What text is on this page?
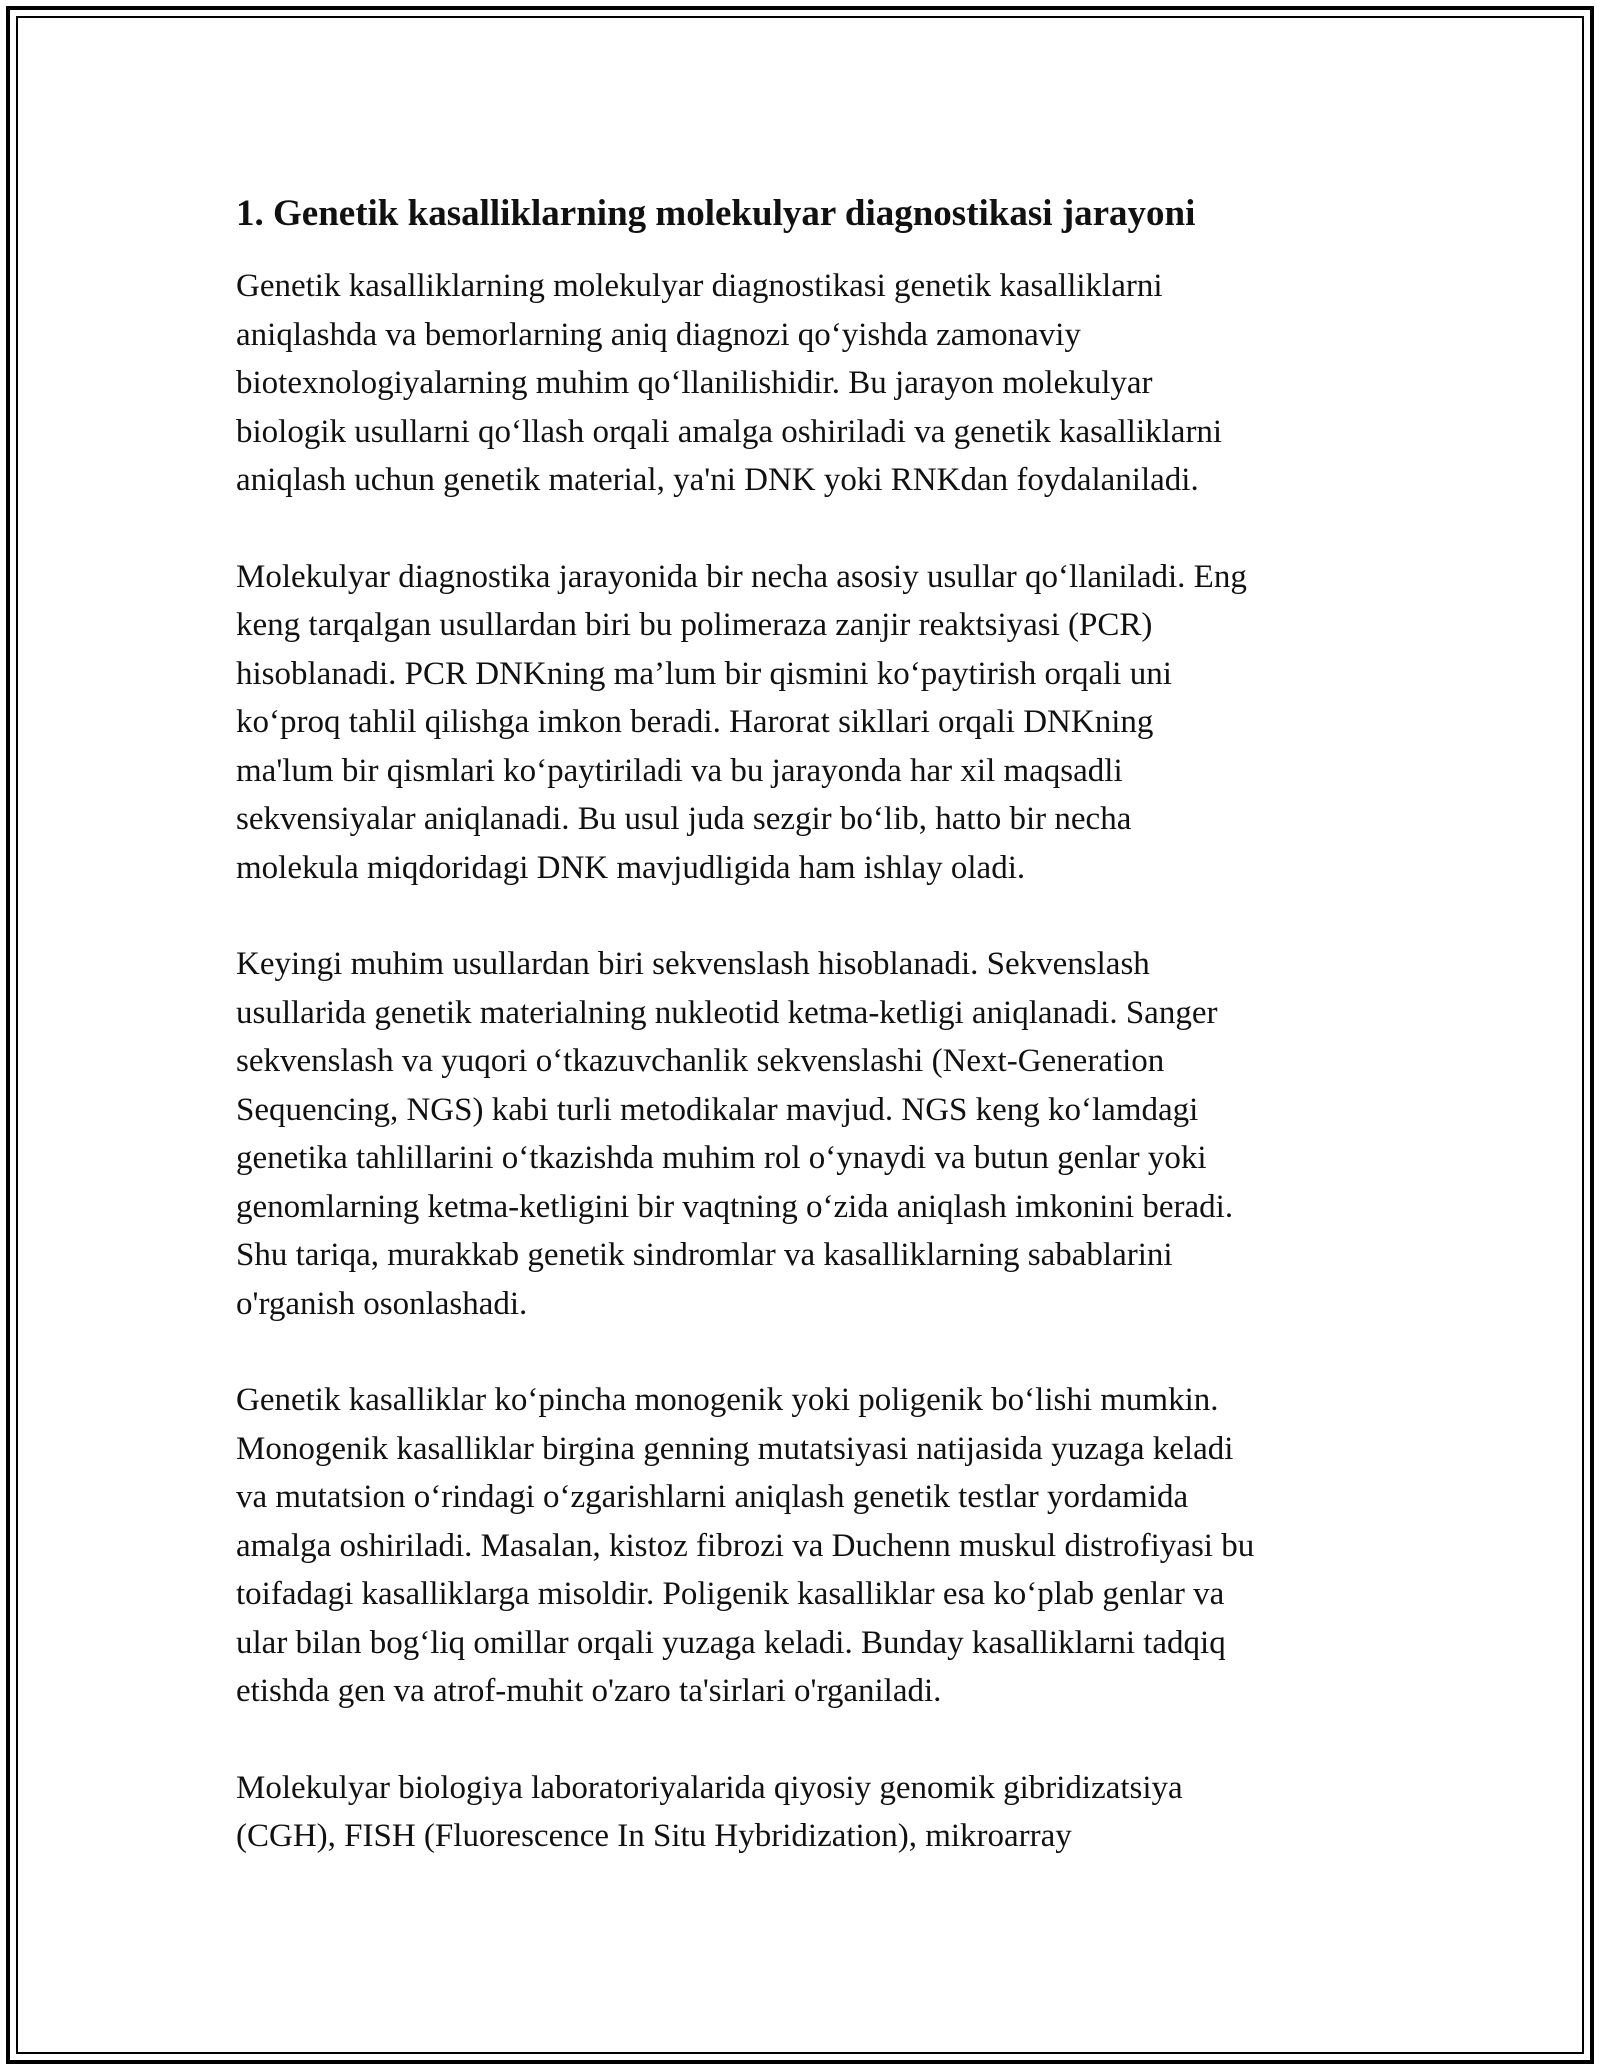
1. Genetik kasalliklarning molekulyar diagnostikasi jarayoni

Genetik kasalliklarning molekulyar diagnostikasi genetik kasalliklarni
aniqlashda va bemorlarning aniq diagnozi qo‘yishda zamonaviy
biotexnologiyalarning muhim qo‘llanilishidir. Bu jarayon molekulyar
biologik usullarni qo‘llash orqali amalga oshiriladi va genetik kasalliklarni
aniqlash uchun genetik material, ya'ni DNK yoki RNKdan foydalaniladi.

Molekulyar diagnostika jarayonida bir necha asosiy usullar qo‘llaniladi. Eng
keng tarqalgan usullardan biri bu polimeraza zanjir reaktsiyasi (PCR)
hisoblanadi. PCR DNKning ma’lum bir qismini ko‘paytirish orqali uni
ko‘proq tahlil qilishga imkon beradi. Harorat sikllari orqali DNKning
ma'lum bir qismlari ko‘paytiriladi va bu jarayonda har xil maqsadli
sekvensiyalar aniqlanadi. Bu usul juda sezgir bo‘lib, hatto bir necha
molekula miqdoridagi DNK mavjudligida ham ishlay oladi.

Keyingi muhim usullardan biri sekvenslash hisoblanadi. Sekvenslash
usullarida genetik materialning nukleotid ketma-ketligi aniqlanadi. Sanger
sekvenslash va yuqori o‘tkazuvchanlik sekvenslashi (Next-Generation
Sequencing, NGS) kabi turli metodikalar mavjud. NGS keng ko‘lamdagi
genetika tahlillarini o‘tkazishda muhim rol o‘ynaydi va butun genlar yoki
genomlarning ketma-ketligini bir vaqtning o‘zida aniqlash imkonini beradi.
Shu tariqa, murakkab genetik sindromlar va kasalliklarning sabablarini
o'rganish osonlashadi.

Genetik kasalliklar ko‘pincha monogenik yoki poligenik bo‘lishi mumkin.
Monogenik kasalliklar birgina genning mutatsiyasi natijasida yuzaga keladi
va mutatsion o‘rindagi o‘zgarishlarni aniqlash genetik testlar yordamida
amalga oshiriladi. Masalan, kistoz fibrozi va Duchenn muskul distrofiyasi bu
toifadagi kasalliklarga misoldir. Poligenik kasalliklar esa ko‘plab genlar va
ular bilan bog‘liq omillar orqali yuzaga keladi. Bunday kasalliklarni tadqiq
etishda gen va atrof-muhit o'zaro ta'sirlari o'rganiladi.

Molekulyar biologiya laboratoriyalarida qiyosiy genomik gibridizatsiya
(CGH), FISH (Fluorescence In Situ Hybridization), mikroarray
